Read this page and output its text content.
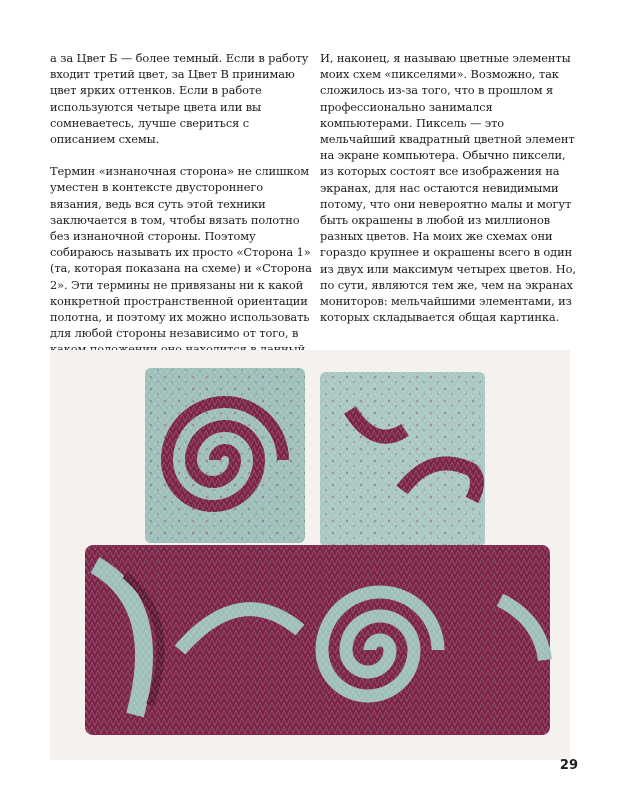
а за Цвет Б — более темный. Если в работу входит третий цвет, за Цвет В принимаю цвет ярких оттенков. Если в работе используются четыре цвета или вы сомневаетесь, лучше свериться с описанием схемы.

Термин «изнаночная сторона» не слишком уместен в контексте двустороннего вязания, ведь вся суть этой техники заключается в том, чтобы вязать полотно без изнаночной стороны. Поэтому собираюсь называть их просто «Сторона 1» (та, которая показана на схеме) и «Сторона 2». Эти термины не привязаны ни к какой конкретной пространственной ориентации полотна, и поэтому их можно использовать для любой стороны независимо от того, в

И, наконец, я называю цветные элементы моих схем «пикселями». Возможно, так сложилось из-за того, что в прошлом я профессионально занимался компьютерами. Пиксель — это мельчайший квадратный цветной элемент на экране компьютера. Обычно пиксели, из которых состоят все изображения на экранах, для нас остаются невидимыми потому, что они невероятно малы и могут быть окрашены в любой из миллионов разных цветов. На моих же схемах они гораздо крупнее и окрашены всего в один из двух или максимум четырех цветов. Но, по сути, являются тем же, чем на экранах мониторов: мельчайшими элементами, из которых складывается общая картинка.

29
